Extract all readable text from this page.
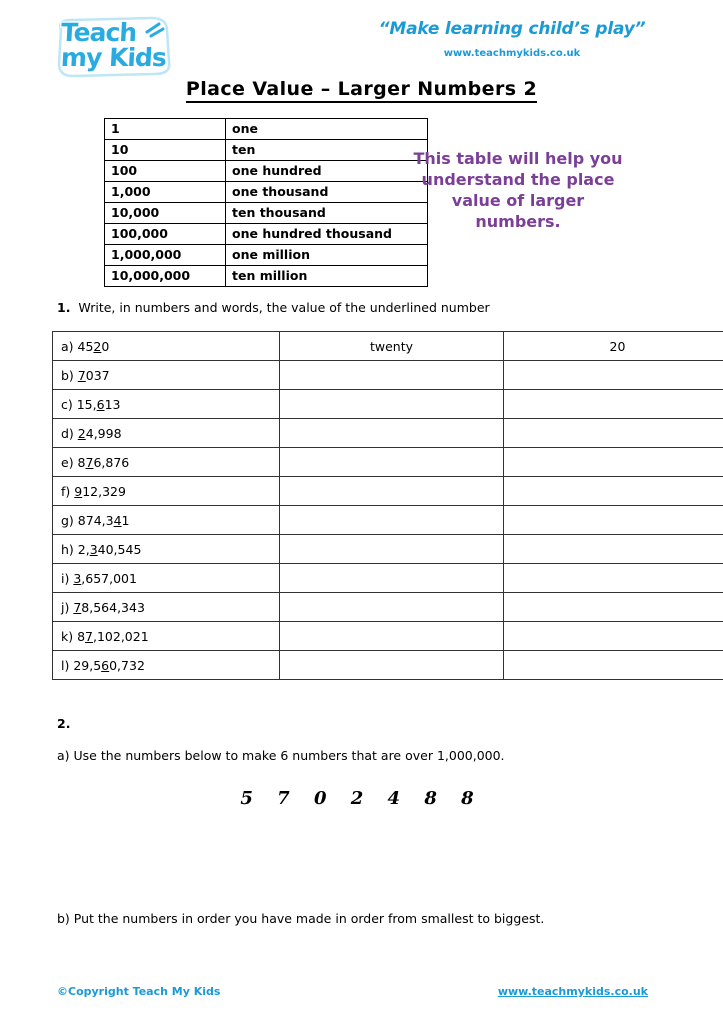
Teach
my Kids
“Make learning child’s play”
www.teachmykids.co.uk
Place Value – Larger Numbers 2
1	one
10	ten
100	one hundred
1,000	one thousand
10,000	ten thousand
100,000	one hundred thousand
1,000,000	one million
10,000,000	ten million
This table will help you
understand the place
value of larger
numbers.
1. Write, in numbers and words, the value of the underlined number
a) 4520	twenty	20
b) 7037		
c) 15,613		
d) 24,998		
e) 876,876		
f) 912,329		
g) 874,341		
h) 2,340,545		
i) 3,657,001		
j) 78,564,343		
k) 87,102,021		
l) 29,560,732		
2.
a) Use the numbers below to make 6 numbers that are over 1,000,000.
5 7 0 2 4 8 8
b) Put the numbers in order you have made in order from smallest to biggest.
©Copyright Teach My Kids	www.teachmykids.co.uk
